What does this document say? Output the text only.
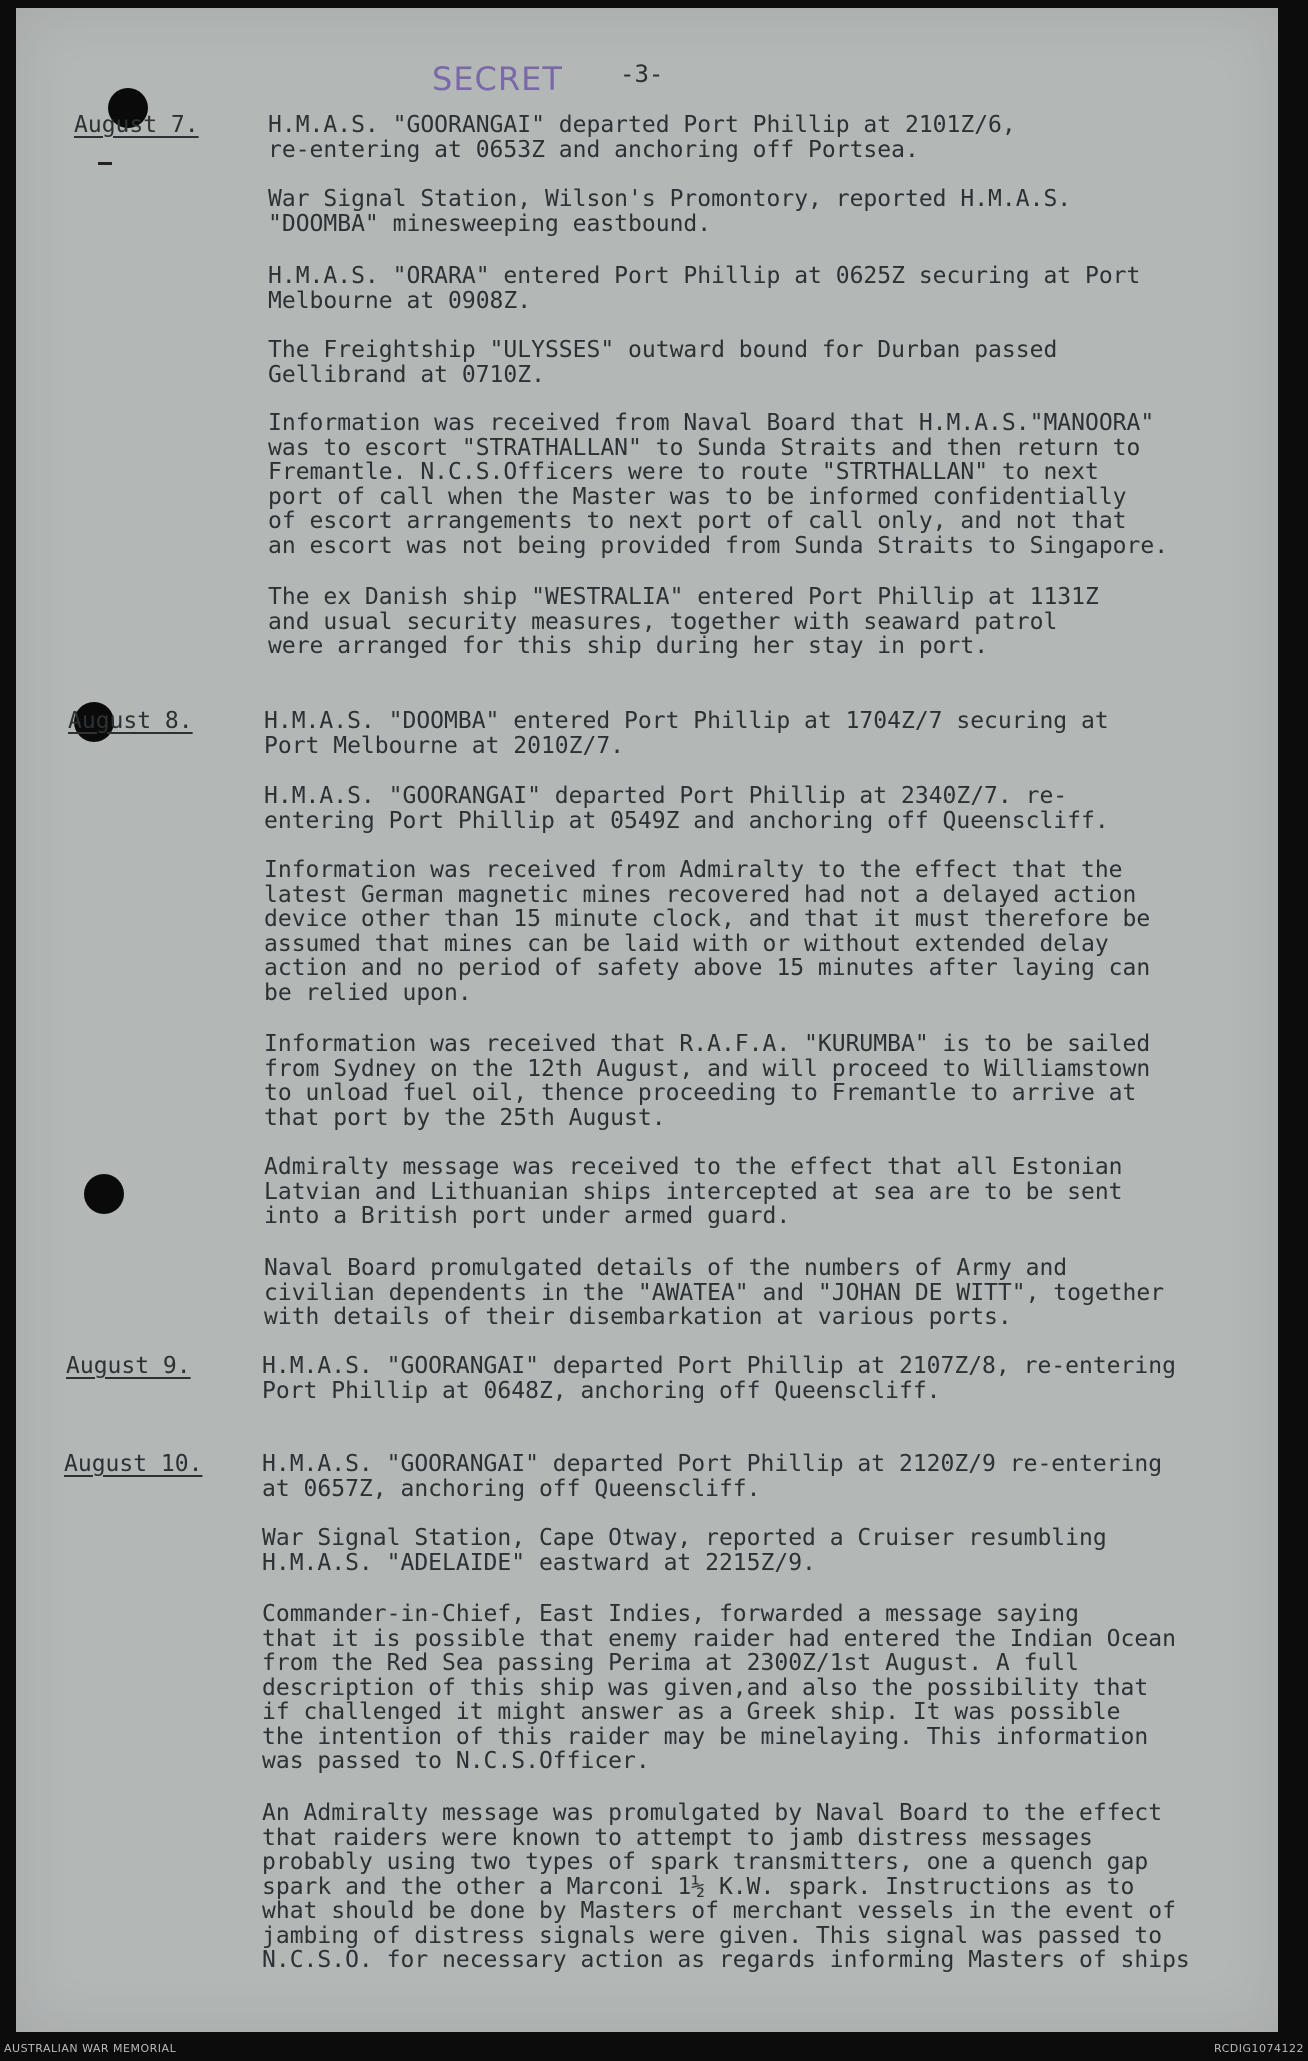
SECRET -3-
August 7.	H.M.A.S. "GOORANGAI" departed Port Phillip at 2101Z/6,
re-entering at 0653Z and anchoring off Portsea.
War Signal Station, Wilson's Promontory, reported H.M.A.S.
"DOOMBA" minesweeping eastbound.
H.M.A.S. "ORARA" entered Port Phillip at 0625Z securing at Port
Melbourne at 0908Z.
The Freightship "ULYSSES" outward bound for Durban passed
Gellibrand at 0710Z.
Information was received from Naval Board that H.M.A.S."MANOORA"
was to escort "STRATHALLAN" to Sunda Straits and then return to
Fremantle. N.C.S.Officers were to route "STRTHALLAN" to next
port of call when the Master was to be informed confidentially
of escort arrangements to next port of call only, and not that
an escort was not being provided from Sunda Straits to Singapore.
The ex Danish ship "WESTRALIA" entered Port Phillip at 1131Z
and usual security measures, together with seaward patrol
were arranged for this ship during her stay in port.
August 8.	H.M.A.S. "DOOMBA" entered Port Phillip at 1704Z/7 securing at
Port Melbourne at 2010Z/7.
H.M.A.S. "GOORANGAI" departed Port Phillip at 2340Z/7. re-
entering Port Phillip at 0549Z and anchoring off Queenscliff.
Information was received from Admiralty to the effect that the
latest German magnetic mines recovered had not a delayed action
device other than 15 minute clock, and that it must therefore be
assumed that mines can be laid with or without extended delay
action and no period of safety above 15 minutes after laying can
be relied upon.
Information was received that R.A.F.A. "KURUMBA" is to be sailed
from Sydney on the 12th August, and will proceed to Williamstown
to unload fuel oil, thence proceeding to Fremantle to arrive at
that port by the 25th August.
Admiralty message was received to the effect that all Estonian
Latvian and Lithuanian ships intercepted at sea are to be sent
into a British port under armed guard.
Naval Board promulgated details of the numbers of Army and
civilian dependents in the "AWATEA" and "JOHAN DE WITT", together
with details of their disembarkation at various ports.
August 9.	H.M.A.S. "GOORANGAI" departed Port Phillip at 2107Z/8, re-entering
Port Phillip at 0648Z, anchoring off Queenscliff.
August 10.	H.M.A.S. "GOORANGAI" departed Port Phillip at 2120Z/9 re-entering
at 0657Z, anchoring off Queenscliff.
War Signal Station, Cape Otway, reported a Cruiser resumbling
H.M.A.S. "ADELAIDE" eastward at 2215Z/9.
Commander-in-Chief, East Indies, forwarded a message saying
that it is possible that enemy raider had entered the Indian Ocean
from the Red Sea passing Perima at 2300Z/1st August. A full
description of this ship was given,and also the possibility that
if challenged it might answer as a Greek ship. It was possible
the intention of this raider may be minelaying. This information
was passed to N.C.S.Officer.
An Admiralty message was promulgated by Naval Board to the effect
that raiders were known to attempt to jamb distress messages
probably using two types of spark transmitters, one a quench gap
spark and the other a Marconi 1½ K.W. spark. Instructions as to
what should be done by Masters of merchant vessels in the event of
jambing of distress signals were given. This signal was passed to
N.C.S.O. for necessary action as regards informing Masters of ships
AUSTRALIAN WAR MEMORIAL	RCDIG1074122
